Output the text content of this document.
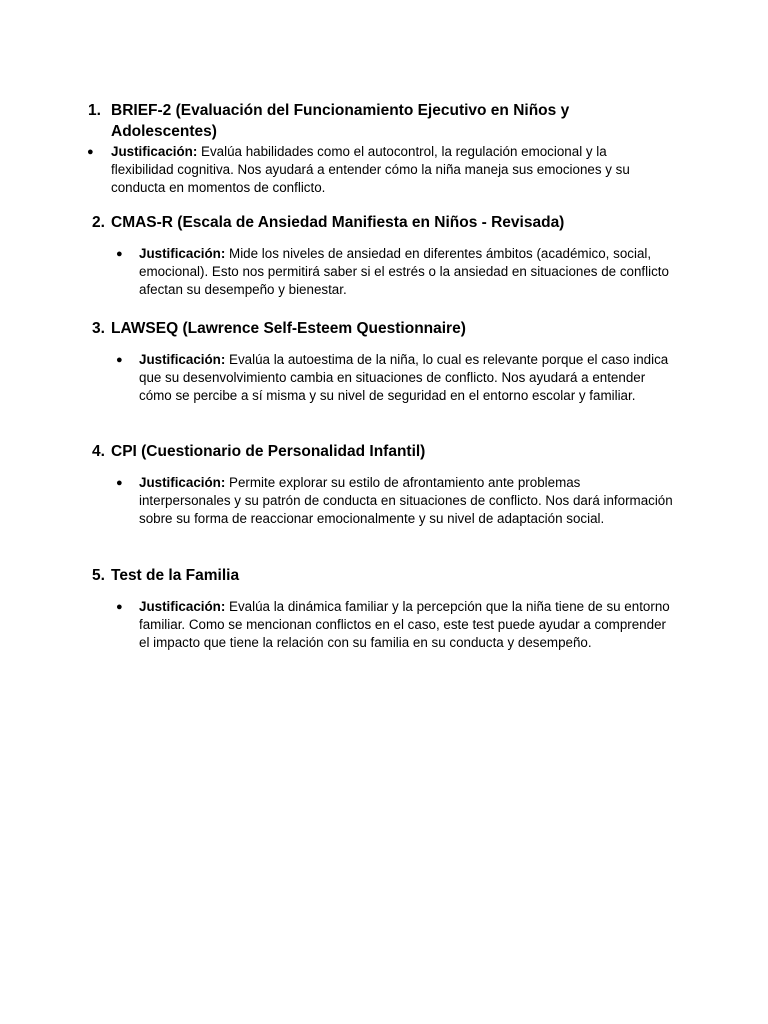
1. BRIEF-2 (Evaluación del Funcionamiento Ejecutivo en Niños y Adolescentes)
● Justificación: Evalúa habilidades como el autocontrol, la regulación emocional y la flexibilidad cognitiva. Nos ayudará a entender cómo la niña maneja sus emociones y su conducta en momentos de conflicto.
2. CMAS-R (Escala de Ansiedad Manifiesta en Niños - Revisada)
● Justificación: Mide los niveles de ansiedad en diferentes ámbitos (académico, social, emocional). Esto nos permitirá saber si el estrés o la ansiedad en situaciones de conflicto afectan su desempeño y bienestar.
3. LAWSEQ (Lawrence Self-Esteem Questionnaire)
● Justificación: Evalúa la autoestima de la niña, lo cual es relevante porque el caso indica que su desenvolvimiento cambia en situaciones de conflicto. Nos ayudará a entender cómo se percibe a sí misma y su nivel de seguridad en el entorno escolar y familiar.
4. CPI (Cuestionario de Personalidad Infantil)
● Justificación: Permite explorar su estilo de afrontamiento ante problemas interpersonales y su patrón de conducta en situaciones de conflicto. Nos dará información sobre su forma de reaccionar emocionalmente y su nivel de adaptación social.
5. Test de la Familia
● Justificación: Evalúa la dinámica familiar y la percepción que la niña tiene de su entorno familiar. Como se mencionan conflictos en el caso, este test puede ayudar a comprender el impacto que tiene la relación con su familia en su conducta y desempeño.
